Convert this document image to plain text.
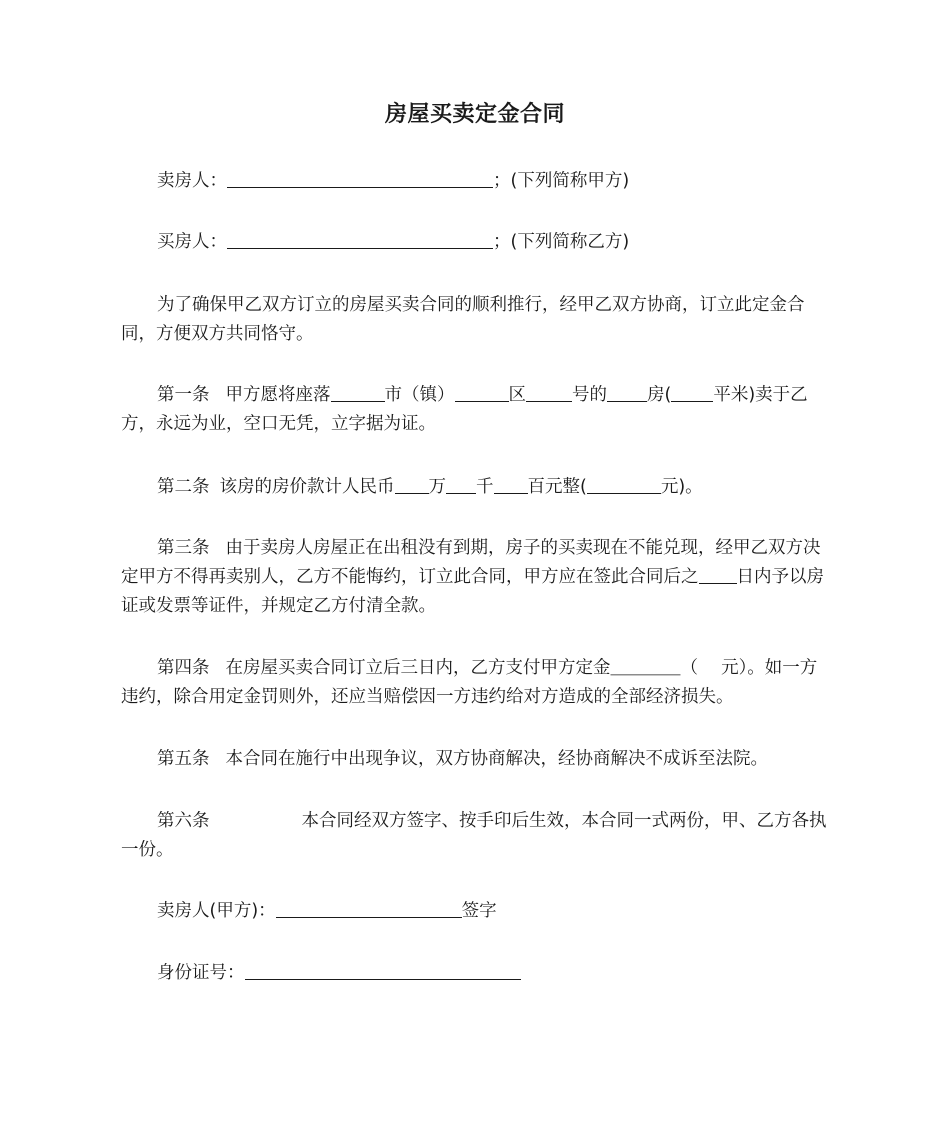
房屋买卖定金合同
卖房人：	；(下列简称甲方)
买房人：	；(下列简称乙方)
为了确保甲乙双方订立的房屋买卖合同的顺利推行，经甲乙双方协商，订立此定金合同，方便双方共同恪守。
第一条 甲方愿将座落	市（镇）	区	号的 房( 平米)卖于乙方，永远为业，空口无凭，立字据为证。
第二条 该房的房价款计人民币 万 千 百元整(	元)。
第三条 由于卖房人房屋正在出租没有到期，房子的买卖现在不能兑现，经甲乙双方决定甲方不得再卖别人，乙方不能悔约，订立此合同，甲方应在签此合同后之 日内予以房证或发票等证件，并规定乙方付清全款。
第四条 在房屋买卖合同订立后三日内，乙方支付甲方定金＿＿＿＿（　 元）。如一方违约，除合用定金罚则外，还应当赔偿因一方违约给对方造成的全部经济损失。
第五条 本合同在施行中出现争议，双方协商解决，经协商解决不成诉至法院。
第六条	本合同经双方签字、按手印后生效，本合同一式两份，甲、乙方各执一份。
卖房人(甲方)：	签字
身份证号：
